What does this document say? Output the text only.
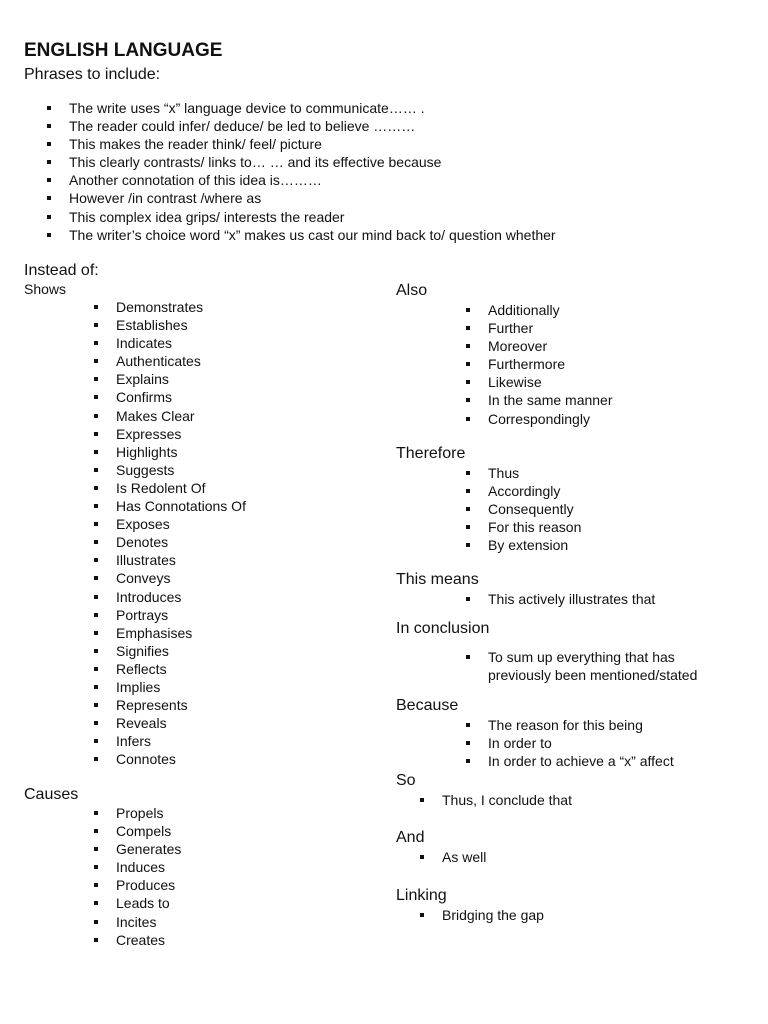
ENGLISH LANGUAGE
Phrases to include:
The write uses “x” language device to communicate…… .
The reader could infer/ deduce/ be led to believe ………
This makes the reader think/ feel/ picture
This clearly contrasts/ links to… … and its effective because
Another connotation of this idea is………
However /in contrast /where as
This complex idea grips/ interests the reader
The writer’s choice word “x” makes us cast our mind back to/ question whether
Instead of:
Shows
Demonstrates
Establishes
Indicates
Authenticates
Explains
Confirms
Makes Clear
Expresses
Highlights
Suggests
Is Redolent Of
Has Connotations Of
Exposes
Denotes
Illustrates
Conveys
Introduces
Portrays
Emphasises
Signifies
Reflects
Implies
Represents
Reveals
Infers
Connotes
Causes
Propels
Compels
Generates
Induces
Produces
Leads to
Incites
Creates
Also
Additionally
Further
Moreover
Furthermore
Likewise
In the same manner
Correspondingly
Therefore
Thus
Accordingly
Consequently
For this reason
By extension
This means
This actively illustrates that
In conclusion
To sum up everything that has
previously been mentioned/stated
Because
The reason for this being
In order to
In order to achieve a “x” affect
So
Thus, I conclude that
And
As well
Linking
Bridging the gap
